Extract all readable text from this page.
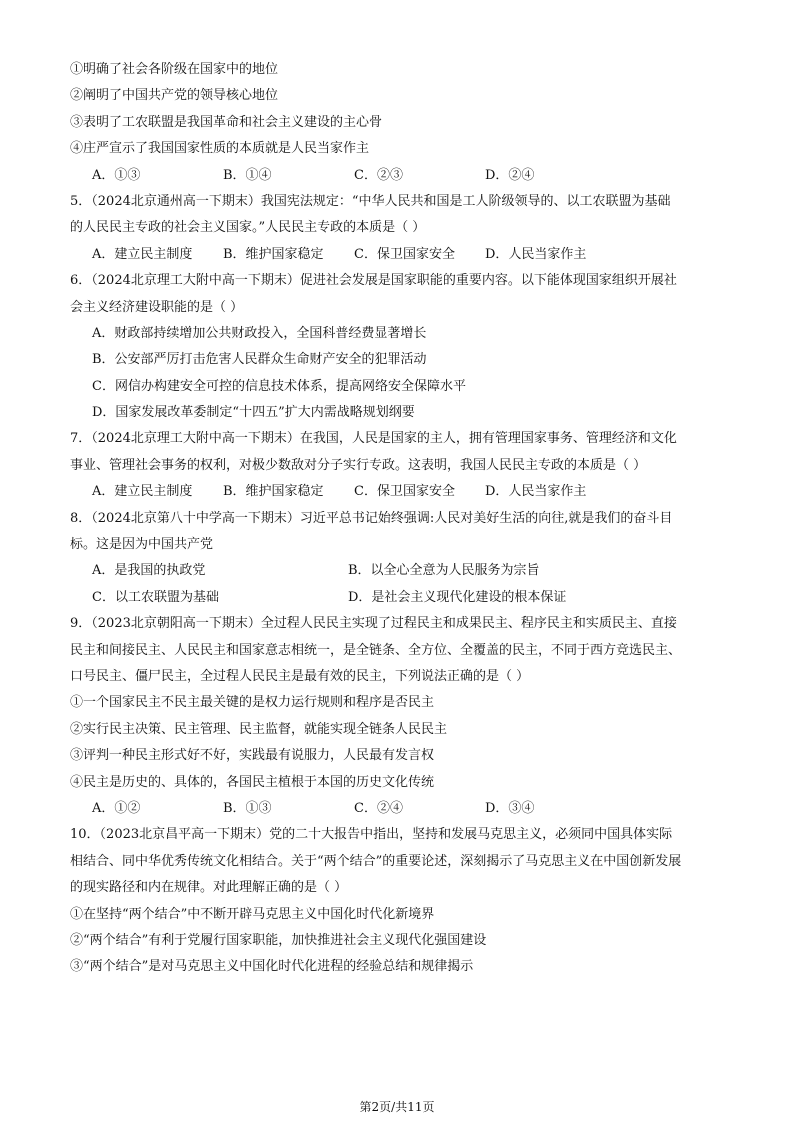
①明确了社会各阶级在国家中的地位
②阐明了中国共产党的领导核心地位
③表明了工农联盟是我国革命和社会主义建设的主心骨
④庄严宣示了我国国家性质的本质就是人民当家作主
A．①③	B．①④	C．②③	D．②④
5．（2024北京通州高一下期末）我国宪法规定：“中华人民共和国是工人阶级领导的、以工农联盟为基础
的人民民主专政的社会主义国家。”人民民主专政的本质是（ ）
A．建立民主制度	B．维护国家稳定	C．保卫国家安全	D．人民当家作主
6．（2024北京理工大附中高一下期末）促进社会发展是国家职能的重要内容。以下能体现国家组织开展社
会主义经济建设职能的是（ ）
A．财政部持续增加公共财政投入，全国科普经费显著增长
B．公安部严厉打击危害人民群众生命财产安全的犯罪活动
C．网信办构建安全可控的信息技术体系，提高网络安全保障水平
D．国家发展改革委制定“十四五”扩大内需战略规划纲要
7．（2024北京理工大附中高一下期末）在我国，人民是国家的主人，拥有管理国家事务、管理经济和文化
事业、管理社会事务的权利，对极少数敌对分子实行专政。这表明，我国人民民主专政的本质是（ ）
A．建立民主制度	B．维护国家稳定	C．保卫国家安全	D．人民当家作主
8．（2024北京第八十中学高一下期末）习近平总书记始终强调:人民对美好生活的向往,就是我们的奋斗目
标。这是因为中国共产党
A．是我国的执政党	B．以全心全意为人民服务为宗旨
C．以工农联盟为基础	D．是社会主义现代化建设的根本保证
9．（2023北京朝阳高一下期末）全过程人民民主实现了过程民主和成果民主、程序民主和实质民主、直接
民主和间接民主、人民民主和国家意志相统一，是全链条、全方位、全覆盖的民主，不同于西方竞选民主、
口号民主、僵尸民主，全过程人民民主是最有效的民主，下列说法正确的是（ ）
①一个国家民主不民主最关键的是权力运行规则和程序是否民主
②实行民主决策、民主管理、民主监督，就能实现全链条人民民主
③评判一种民主形式好不好，实践最有说服力，人民最有发言权
④民主是历史的、具体的，各国民主植根于本国的历史文化传统
A．①②	B．①③	C．②④	D．③④
10．（2023北京昌平高一下期末）党的二十大报告中指出，坚持和发展马克思主义，必须同中国具体实际
相结合、同中华优秀传统文化相结合。关于“两个结合”的重要论述，深刻揭示了马克思主义在中国创新发展
的现实路径和内在规律。对此理解正确的是（ ）
①在坚持“两个结合”中不断开辟马克思主义中国化时代化新境界
②“两个结合”有利于党履行国家职能，加快推进社会主义现代化强国建设
③“两个结合”是对马克思主义中国化时代化进程的经验总结和规律揭示
第2页/共11页
